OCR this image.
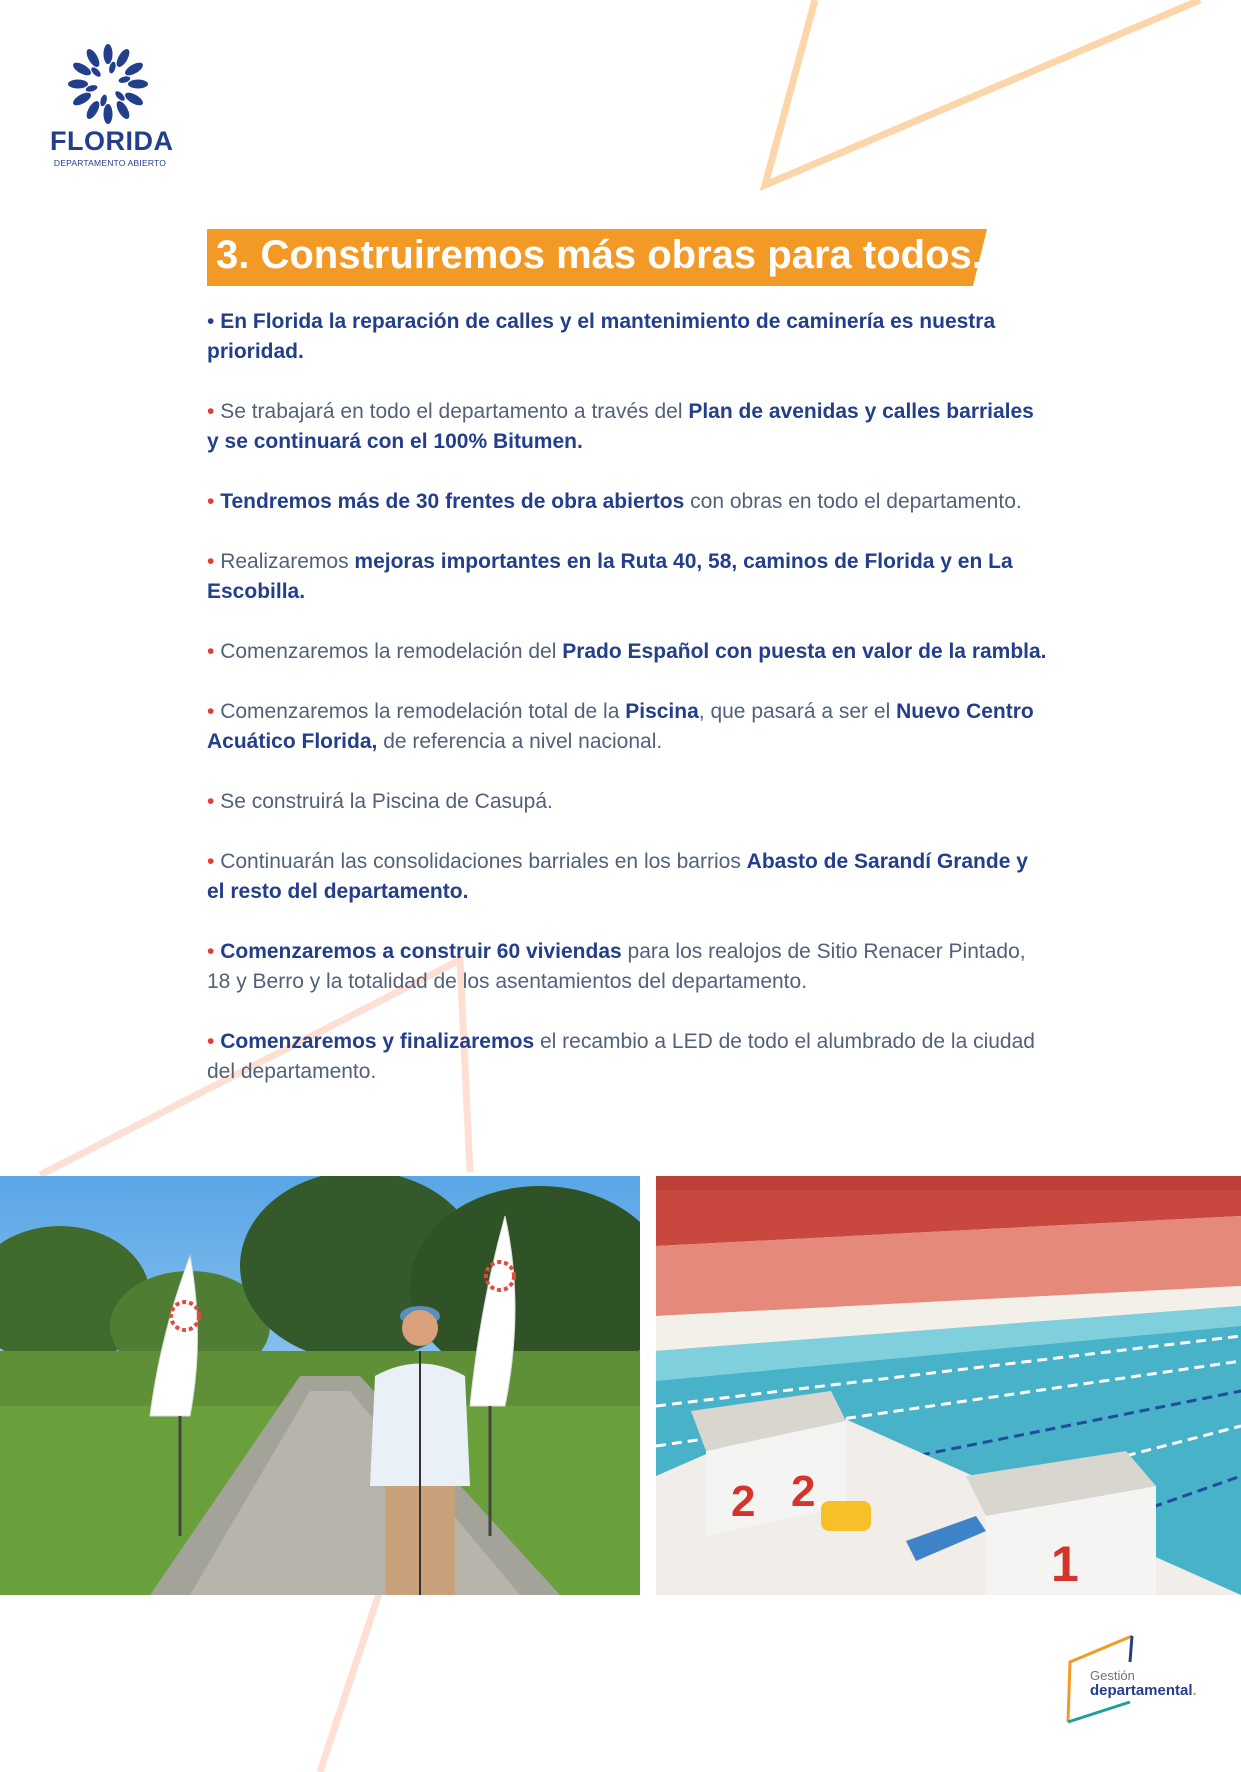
FLORIDA
DEPARTAMENTO ABIERTO
3. Construiremos más obras para todos.

• En Florida la reparación de calles y el mantenimiento de caminería es nuestra prioridad.

• Se trabajará en todo el departamento a través del Plan de avenidas y calles barriales y se continuará con el 100% Bitumen.

• Tendremos más de 30 frentes de obra abiertos con obras en todo el departamento.

• Realizaremos mejoras importantes en la Ruta 40, 58, caminos de Florida y en La Escobilla.

• Comenzaremos la remodelación del Prado Español con puesta en valor de la rambla.

• Comenzaremos la remodelación total de la Piscina, que pasará a ser el Nuevo Centro Acuático Florida, de referencia a nivel nacional.

• Se construirá la Piscina de Casupá.

• Continuarán las consolidaciones barriales en los barrios Abasto de Sarandí Grande y el resto del departamento.

• Comenzaremos a construir 60 viviendas para los realojos de Sitio Renacer Pintado, 18 y Berro y la totalidad de los asentamientos del departamento.

• Comenzaremos y finalizaremos el recambio a LED de todo el alumbrado de la ciudad del departamento.

2 2
1
Gestión
departamental.
